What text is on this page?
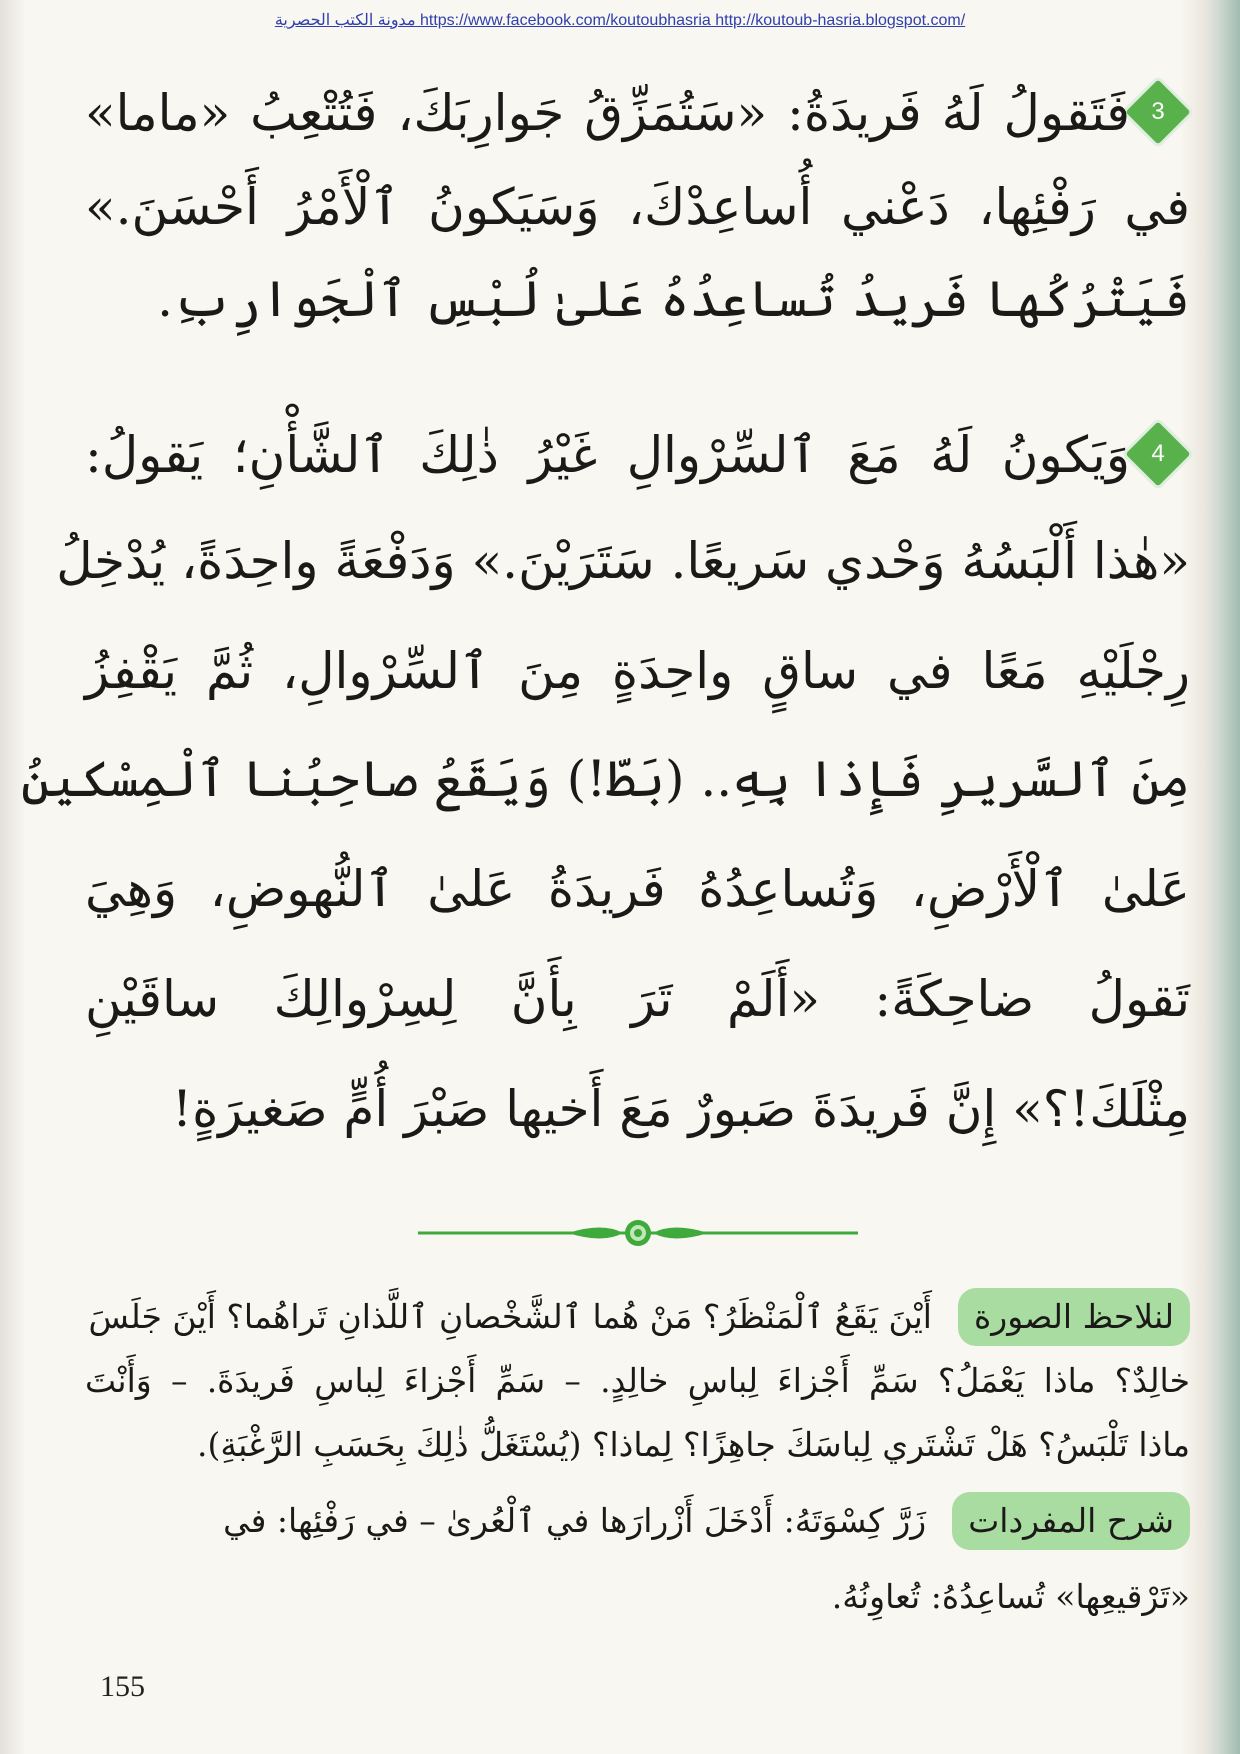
مدونة الكتب الحصرية https://www.facebook.com/koutoubhasria http://koutoub-hasria.blogspot.com/
3
فَتَقولُ لَهُ فَريدَةُ: «سَتُمَزِّقُ جَوارِبَكَ، فَتُتْعِبُ «ماما»
في رَفْئِها، دَعْني أُساعِدْكَ، وَسَيَكونُ ٱلْأَمْرُ أَحْسَنَ.»
فَيَتْرُكُها فَريدُ تُساعِدُهُ عَلىٰ لُبْسِ ٱلْجَوارِبِ.
4
وَيَكونُ لَهُ مَعَ ٱلسِّرْوالِ غَيْرُ ذٰلِكَ ٱلشَّأْنِ؛ يَقولُ:
«هٰذا أَلْبَسُهُ وَحْدي سَريعًا. سَتَرَيْنَ.» وَدَفْعَةً واحِدَةً، يُدْخِلُ
رِجْلَيْهِ مَعًا في ساقٍ واحِدَةٍ مِنَ ٱلسِّرْوالِ، ثُمَّ يَقْفِزُ
مِنَ ٱلسَّريرِ فَإِذا بِهِ.. (بَطّ!) وَيَقَعُ صاحِبُنا ٱلْمِسْكينُ
عَلىٰ ٱلْأَرْضِ، وَتُساعِدُهُ فَريدَةُ عَلىٰ ٱلنُّهوضِ، وَهِيَ
تَقولُ ضاحِكَةً: «أَلَمْ تَرَ بِأَنَّ لِسِرْوالِكَ ساقَيْنِ
مِثْلَكَ!؟» إِنَّ فَريدَةَ صَبورٌ مَعَ أَخيها صَبْرَ أُمٍّ صَغيرَةٍ!
لنلاحظ الصورةأَيْنَ يَقَعُ ٱلْمَنْظَرُ؟ مَنْ هُما ٱلشَّخْصانِ ٱللَّذانِ تَراهُما؟ أَيْنَ جَلَسَ
خالِدٌ؟ ماذا يَعْمَلُ؟ سَمِّ أَجْزاءَ لِباسِ خالِدٍ. – سَمِّ أَجْزاءَ لِباسِ فَريدَةَ. – وَأَنْتَ
ماذا تَلْبَسُ؟ هَلْ تَشْتَري لِباسَكَ جاهِزًا؟ لِماذا؟ (يُسْتَغَلُّ ذٰلِكَ بِحَسَبِ الرَّغْبَةِ).
شرح المفرداتزَرَّ كِسْوَتَهُ: أَدْخَلَ أَزْرارَها في ٱلْعُرىٰ – في رَفْئِها: في
«تَرْقيعِها» تُساعِدُهُ: تُعاوِنُهُ.
155
